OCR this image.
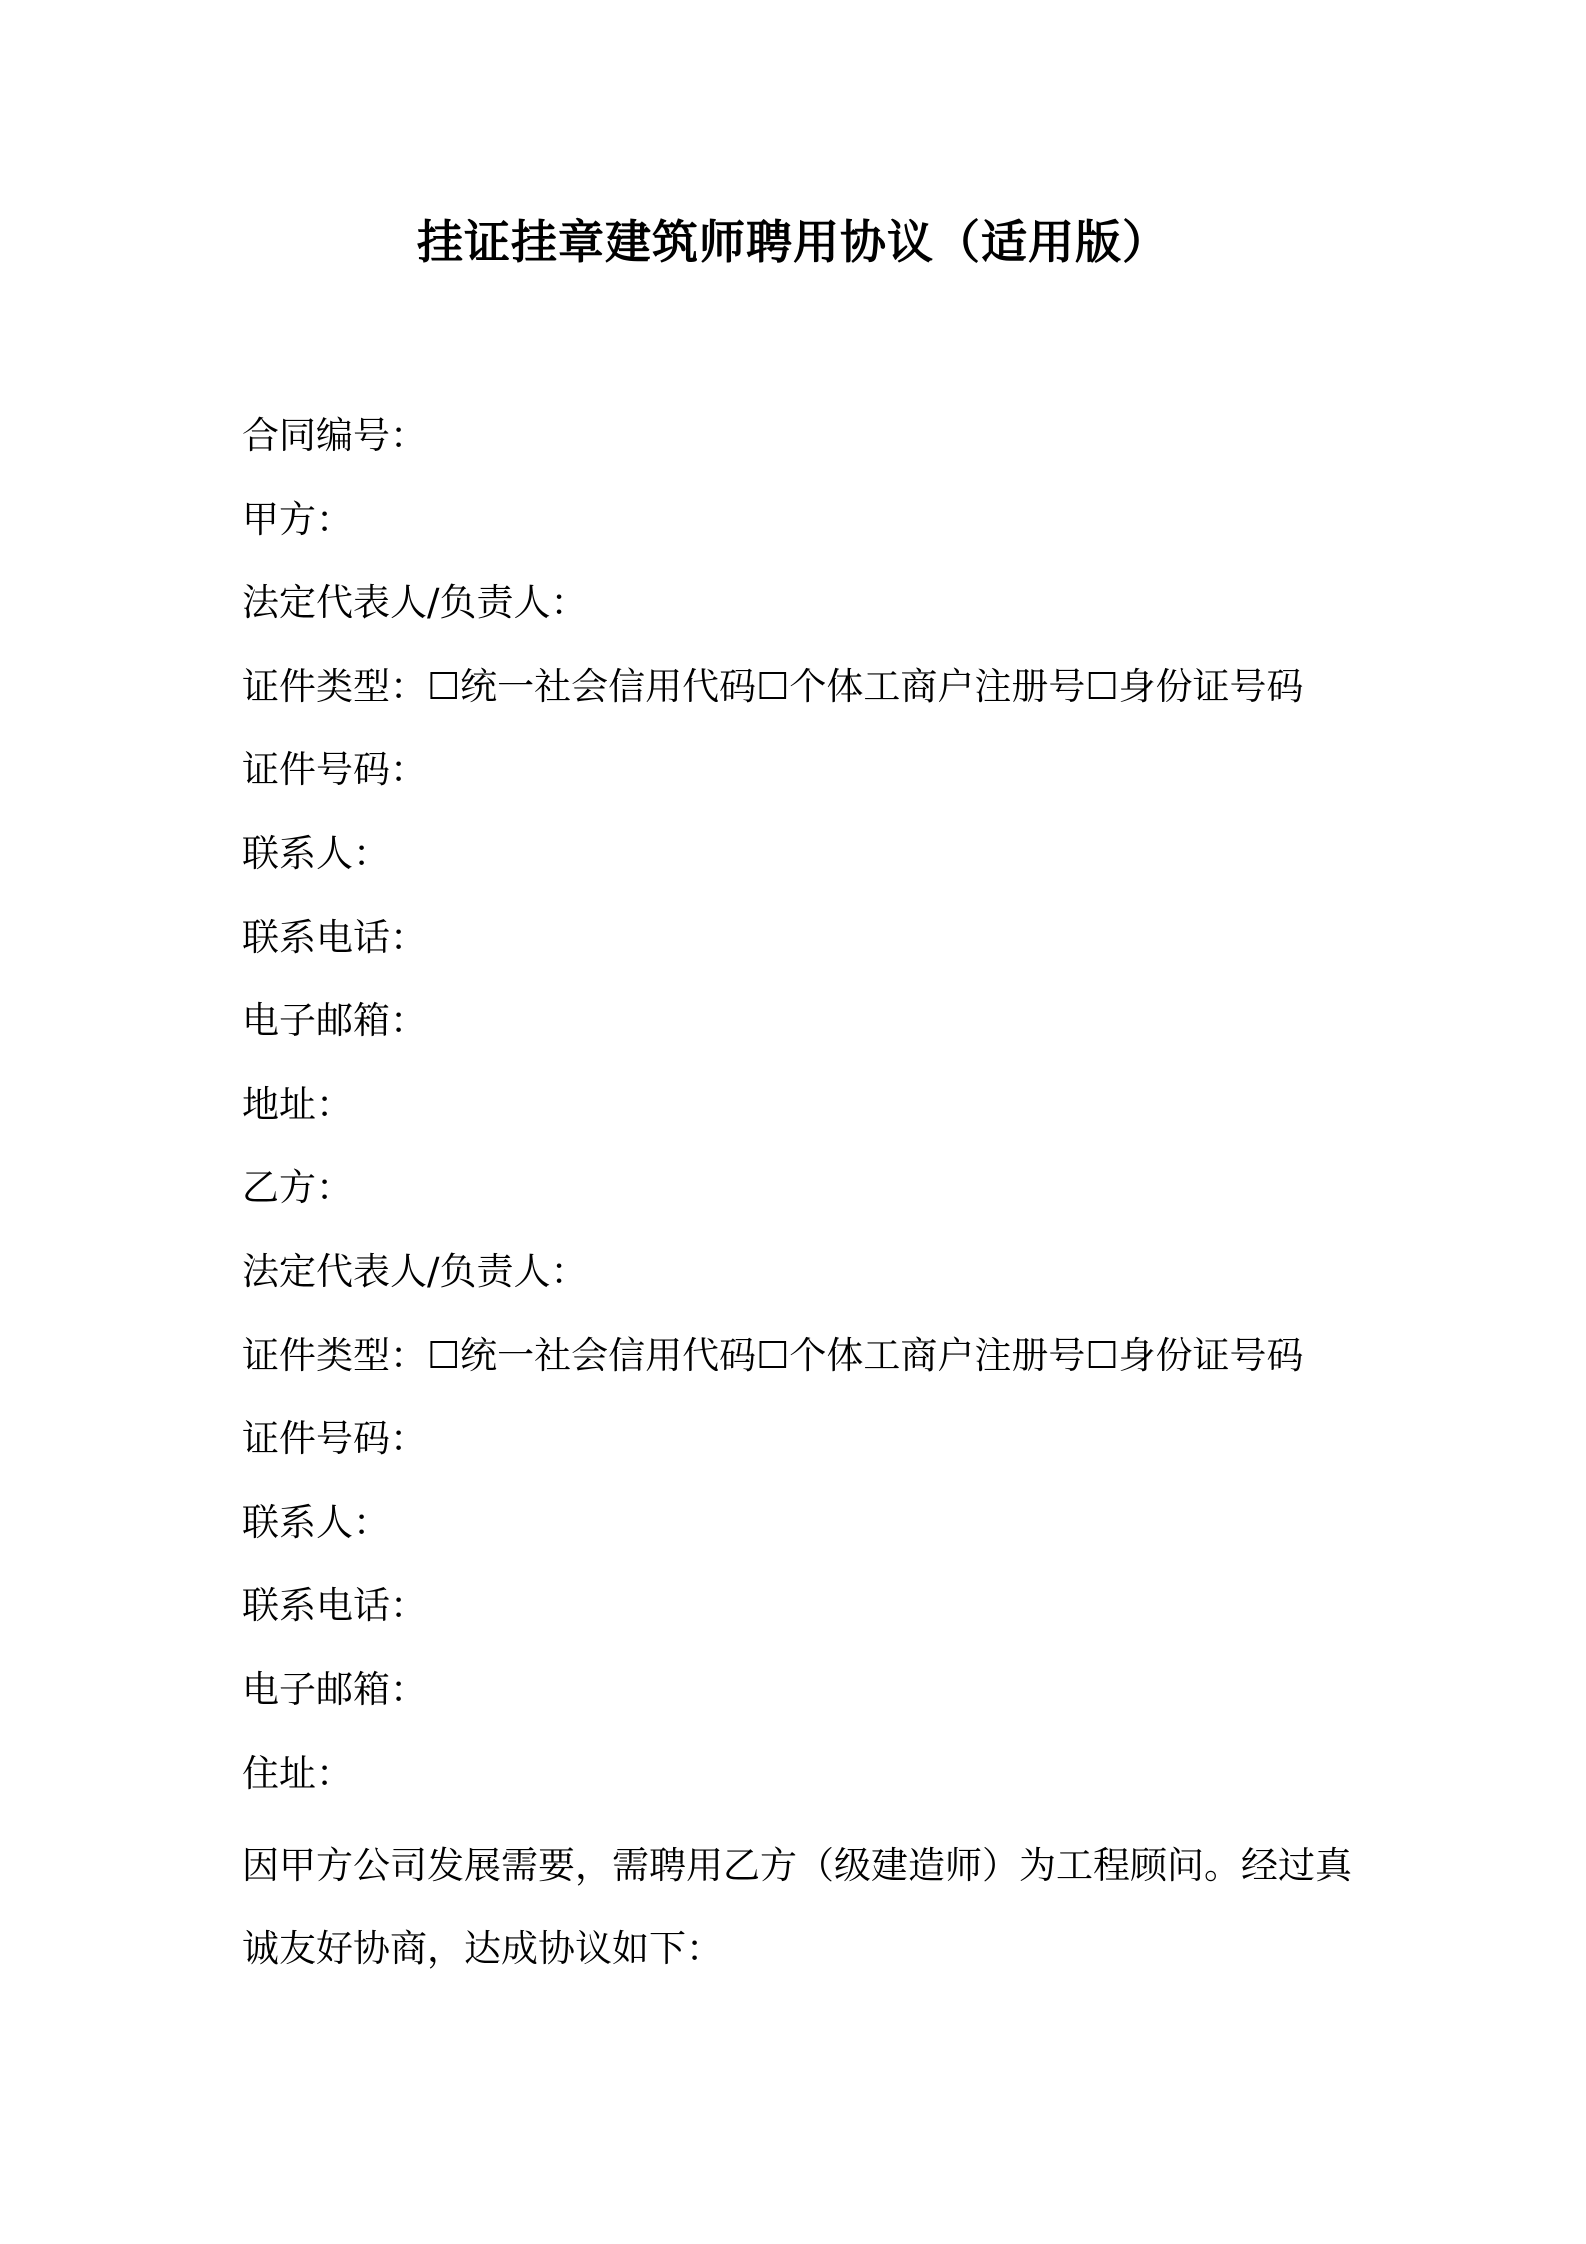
挂证挂章建筑师聘用协议（适用版）
合同编号：
甲方：
法定代表人/负责人：
证件类型：☐统一社会信用代码☐个体工商户注册号☐身份证号码
证件号码：
联系人：
联系电话：
电子邮箱：
地址：
乙方：
法定代表人/负责人：
证件类型：☐统一社会信用代码☐个体工商户注册号☐身份证号码
证件号码：
联系人：
联系电话：
电子邮箱：
住址：
因甲方公司发展需要，需聘用乙方（级建造师）为工程顾问。经过真
诚友好协商，达成协议如下：
